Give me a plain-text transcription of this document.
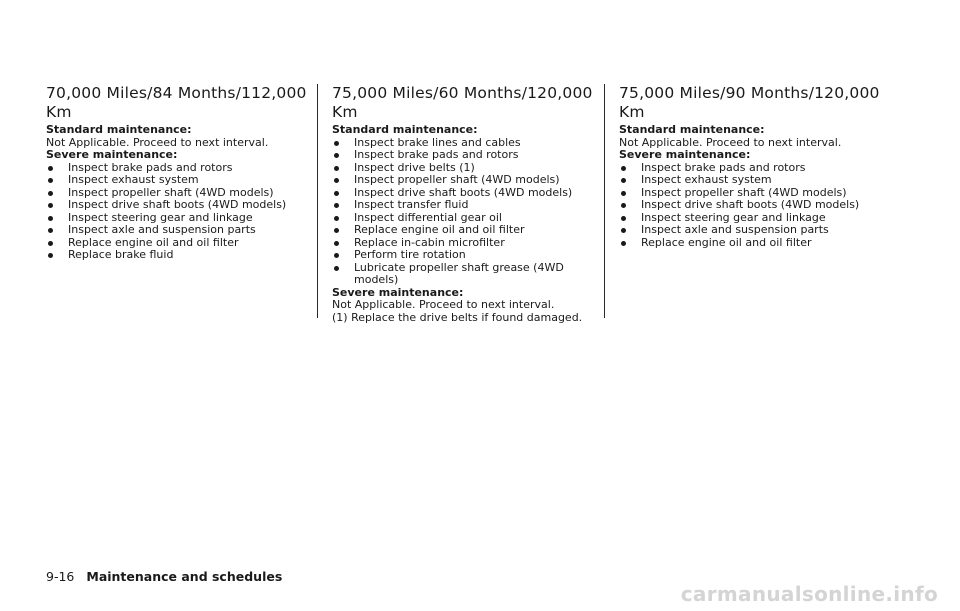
70,000 Miles/84 Months/112,000 Km
Standard maintenance:
Not Applicable. Proceed to next interval.
Severe maintenance:
Inspect brake pads and rotors
Inspect exhaust system
Inspect propeller shaft (4WD models)
Inspect drive shaft boots (4WD models)
Inspect steering gear and linkage
Inspect axle and suspension parts
Replace engine oil and oil filter
Replace brake fluid
75,000 Miles/60 Months/120,000 Km
Standard maintenance:
Inspect brake lines and cables
Inspect brake pads and rotors
Inspect drive belts (1)
Inspect propeller shaft (4WD models)
Inspect drive shaft boots (4WD models)
Inspect transfer fluid
Inspect differential gear oil
Replace engine oil and oil filter
Replace in-cabin microfilter
Perform tire rotation
Lubricate propeller shaft grease (4WD models)
Severe maintenance:
Not Applicable. Proceed to next interval.
(1) Replace the drive belts if found damaged.
75,000 Miles/90 Months/120,000 Km
Standard maintenance:
Not Applicable. Proceed to next interval.
Severe maintenance:
Inspect brake pads and rotors
Inspect exhaust system
Inspect propeller shaft (4WD models)
Inspect drive shaft boots (4WD models)
Inspect steering gear and linkage
Inspect axle and suspension parts
Replace engine oil and oil filter
9-16 Maintenance and schedules
carmanualsonline.info
